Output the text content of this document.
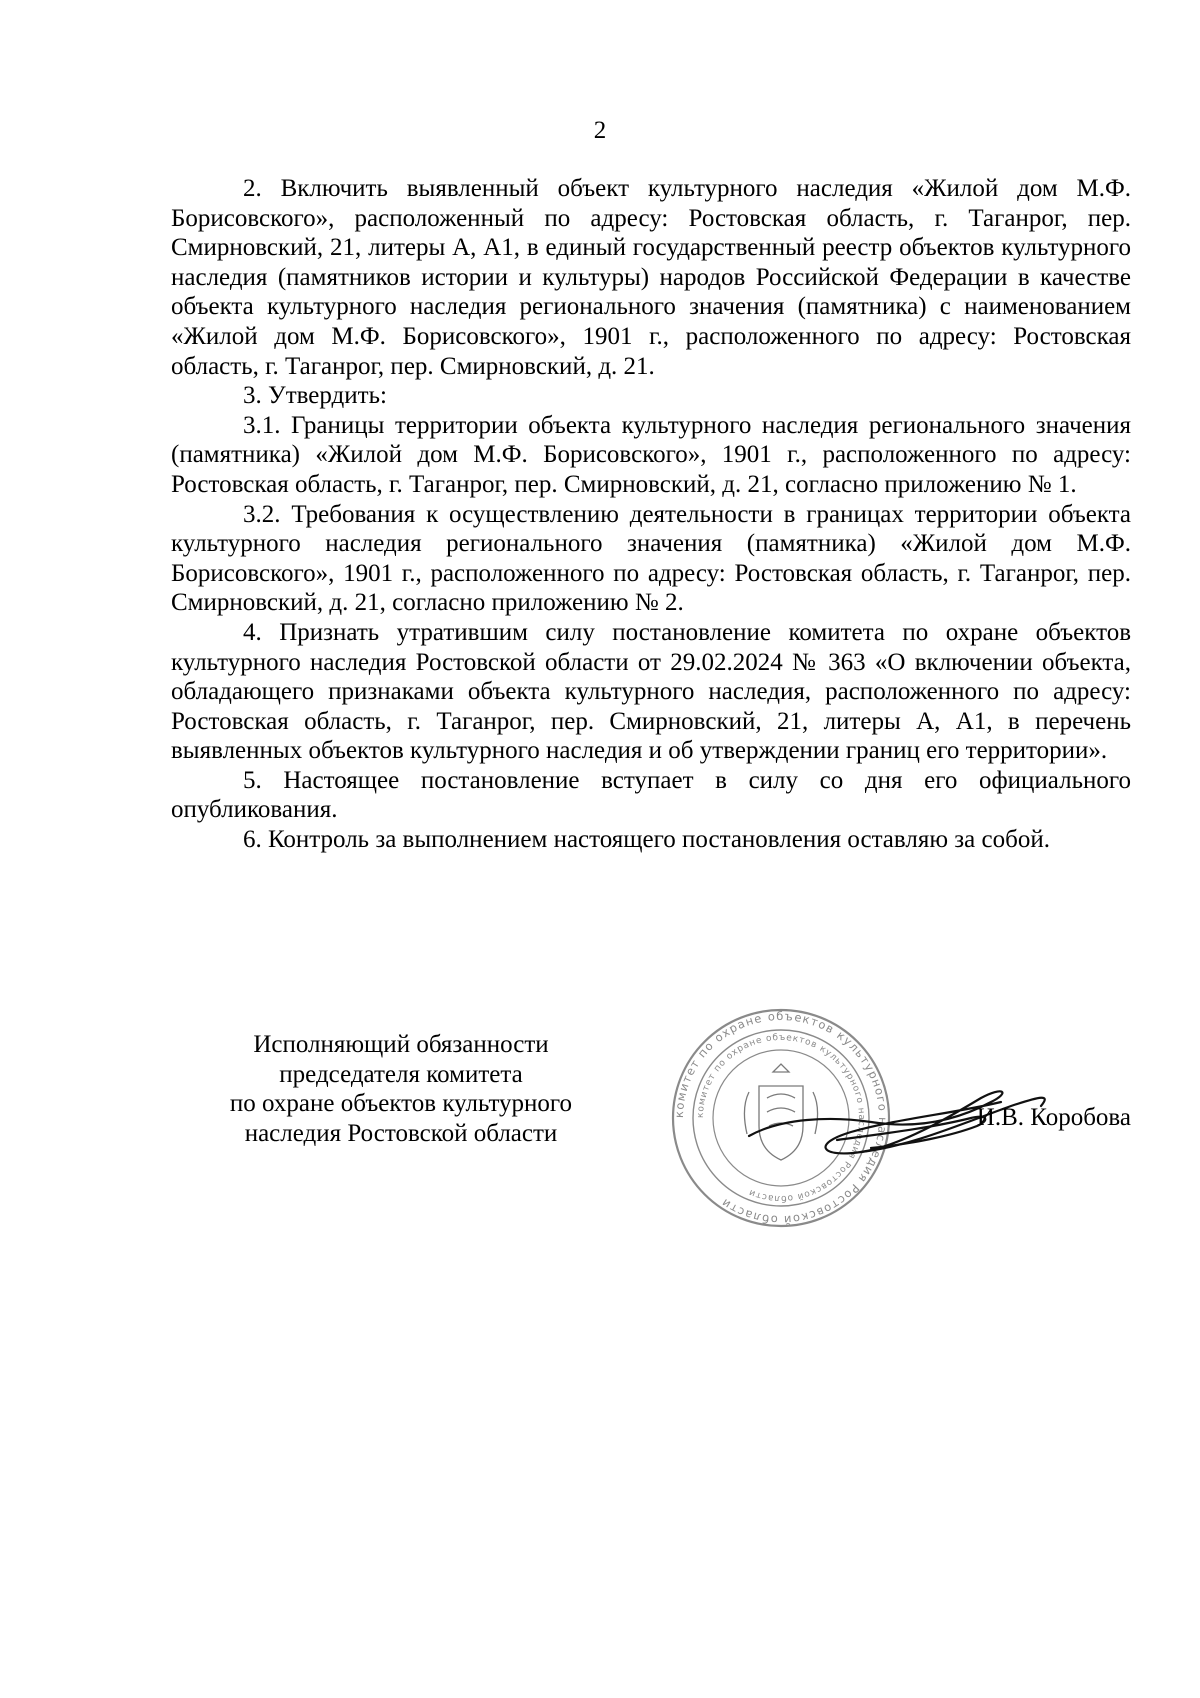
2

2. Включить выявленный объект культурного наследия «Жилой дом М.Ф. Борисовского», расположенный по адресу: Ростовская область, г. Таганрог, пер. Смирновский, 21, литеры А, А1, в единый государственный реестр объектов культурного наследия (памятников истории и культуры) народов Российской Федерации в качестве объекта культурного наследия регионального значения (памятника) с наименованием «Жилой дом М.Ф. Борисовского», 1901 г., расположенного по адресу: Ростовская область, г. Таганрог, пер. Смирновский, д. 21.

3. Утвердить:

3.1. Границы территории объекта культурного наследия регионального значения (памятника) «Жилой дом М.Ф. Борисовского», 1901 г., расположенного по адресу: Ростовская область, г. Таганрог, пер. Смирновский, д. 21, согласно приложению № 1.

3.2. Требования к осуществлению деятельности в границах территории объекта культурного наследия регионального значения (памятника) «Жилой дом М.Ф. Борисовского», 1901 г., расположенного по адресу: Ростовская область, г. Таганрог, пер. Смирновский, д. 21, согласно приложению № 2.

4. Признать утратившим силу постановление комитета по охране объектов культурного наследия Ростовской области от 29.02.2024 № 363 «О включении объекта, обладающего признаками объекта культурного наследия, расположенного по адресу: Ростовская область, г. Таганрог, пер. Смирновский, 21, литеры А, А1, в перечень выявленных объектов культурного наследия и об утверждении границ его территории».

5. Настоящее постановление вступает в силу со дня его официального опубликования.

6. Контроль за выполнением настоящего постановления оставляю за собой.

Исполняющий обязанности
председателя комитета
по охране объектов культурного
наследия Ростовской области
комитет по охране объектов культурного наследия Ростовской области
комитет по охране объектов культурного наследия Ростовской области
И.В. Коробова
